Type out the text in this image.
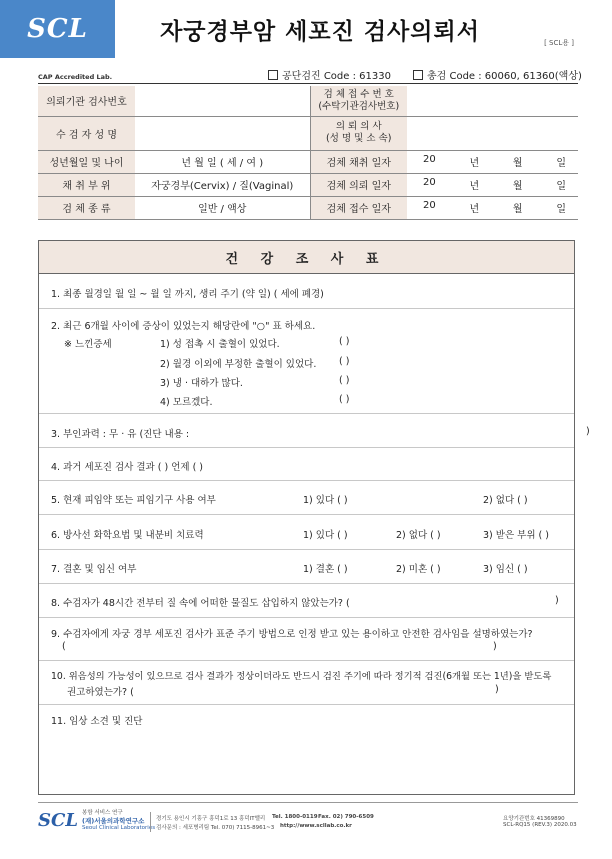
SCL	자궁경부암 세포진 검사의뢰서	[ SCL용 ]
CAP Accredited Lab.	공단검진 Code : 61330	총검 Code : 60060, 61360(액상)
의뢰기관 검사번호		검 체 접 수 번 호
(수탁기관검사번호)	

수 검 자 성 명		의 뢰 의 사
(성 명 및 소 속)	

성년월일 및 나이	년 월 일 ( 세 / 여 )	검체 채취 일자	20 년 월 일

채 취 부 위	자궁경부(Cervix) / 질(Vaginal)	검체 의뢰 일자	20 년 월 일

검 체 종 류	일반 / 액상	검체 접수 일자	20 년 월 일
건 강 조 사 표
1. 최종 월경일 월 일 ~ 월 일 까지, 생리 주기 (약 일) ( 세에 폐경)
2. 최근 6개월 사이에 증상이 있었는지 해당란에 "○" 표 하세요.
※ 느낀증세	1) 성 접촉 시 출혈이 있었다.	( )
2) 월경 이외에 부정한 출혈이 있었다. ( )
3) 냉 · 대하가 많다.	( )
4) 모르겠다.	( )
3. 부인과력 : 무 · 유 (진단 내용 :	)
4. 과거 세포진 검사 결과 ( ) 언제 ( )
5. 현재 피임약 또는 피임기구 사용 여부	1) 있다 ( )	2) 없다 ( )
6. 방사선 화학요법 및 내분비 치료력	1) 있다 ( )	2) 없다 ( )	3) 받은 부위 ( )
7. 결혼 및 임신 여부	1) 결혼 ( )	2) 미혼 ( )	3) 임신 ( )
8. 수검자가 48시간 전부터 질 속에 어떠한 물질도 삽입하지 않았는가? (	)
9. 수검자에게 자궁 경부 세포진 검사가 표준 주기 방법으로 인정 받고 있는 용이하고 안전한 검사임을 설명하였는가?
(	)
10. 위음성의 가능성이 있으므로 검사 결과가 정상이더라도 반드시 검진 주기에 따라 정기적 검진(6개월 또는 1년)을 받도록
권고하였는가? (	)
11. 임상 소견 및 진단
SCL 봉함 서비스 연구
(재)서울의과학연구소
Seoul Clinical Laboratories
경기도 용인시 기흥구 흥덕1로 13 흥덕IT밸리 Tel. 1800-0119 Fax. 02) 790-6509
검사문의 : 세포병리팀 Tel. 070) 7115-8961~3 http://www.scllab.co.kr
요양기관번호 41369890
SCL-RQ15 (REV.3) 2020.03
